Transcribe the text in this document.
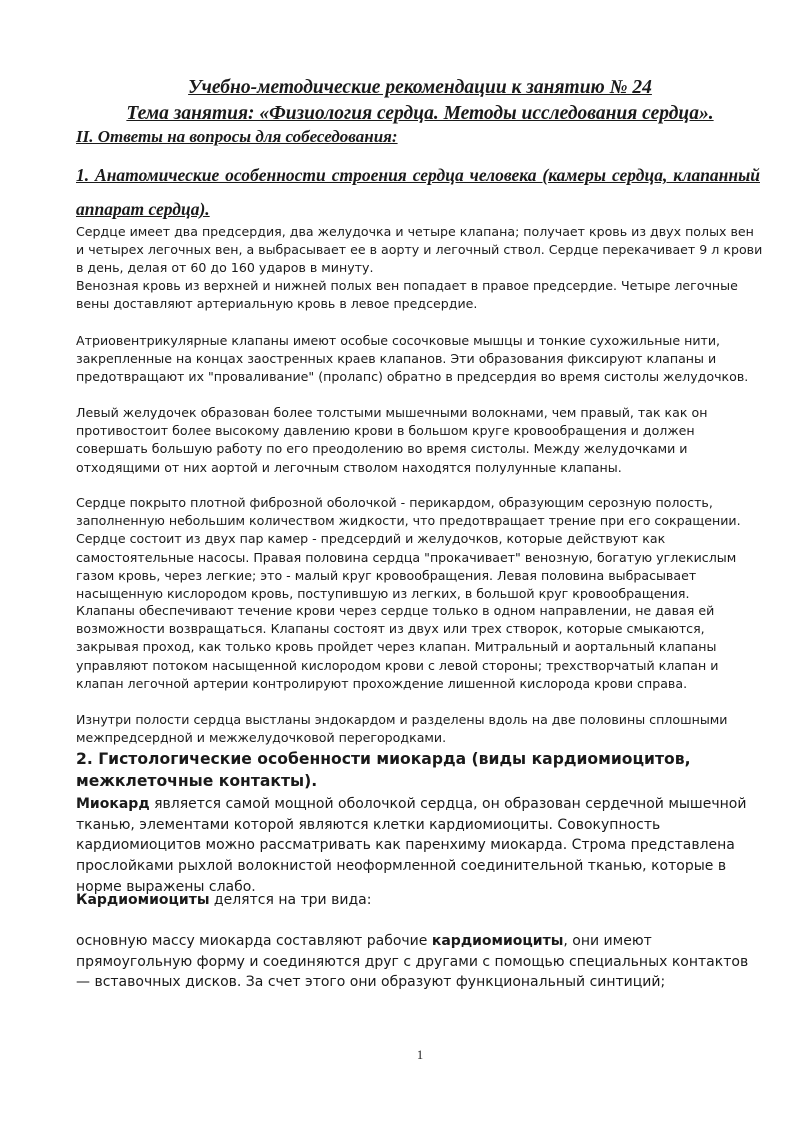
Учебно-методические рекомендации к занятию № 24

Тема занятия: «Физиология сердца. Методы исследования сердца».

II. Ответы на вопросы для собеседования:

1. Анатомические особенности строения сердца человека (камеры сердца, клапанный аппарат сердца).

Сердце имеет два предсердия, два желудочка и четыре клапана; получает кровь из двух полых вен и четырех легочных вен, а выбрасывает ее в аорту и легочный ствол. Сердце перекачивает 9 л крови в день, делая от 60 до 160 ударов в минуту.

Венозная кровь из верхней и нижней полых вен попадает в правое предсердие. Четыре легочные вены доставляют артериальную кровь в левое предсердие.

Атриовентрикулярные клапаны имеют особые сосочковые мышцы и тонкие сухожильные нити, закрепленные на концах заостренных краев клапанов. Эти образования фиксируют клапаны и предотвращают их "проваливание" (пролапс) обратно в предсердия во время систолы желудочков.

Левый желудочек образован более толстыми мышечными волокнами, чем правый, так как он противостоит более высокому давлению крови в большом круге кровообращения и должен совершать большую работу по его преодолению во время систолы. Между желудочками и отходящими от них аортой и легочным стволом находятся полулунные клапаны.

Сердце покрыто плотной фиброзной оболочкой - перикардом, образующим серозную полость, заполненную небольшим количеством жидкости, что предотвращает трение при его сокращении. Сердце состоит из двух пар камер - предсердий и желудочков, которые действуют как самостоятельные насосы. Правая половина сердца "прокачивает" венозную, богатую углекислым газом кровь, через легкие; это - малый круг кровообращения. Левая половина выбрасывает насыщенную кислородом кровь, поступившую из легких, в большой круг кровообращения.

Клапаны обеспечивают течение крови через сердце только в одном направлении, не давая ей возможности возвращаться. Клапаны состоят из двух или трех створок, которые смыкаются, закрывая проход, как только кровь пройдет через клапан. Митральный и аортальный клапаны управляют потоком насыщенной кислородом крови с левой стороны; трехстворчатый клапан и клапан легочной артерии контролируют прохождение лишенной кислорода крови справа.

Изнутри полости сердца выстланы эндокардом и разделены вдоль на две половины сплошными межпредсердной и межжелудочковой перегородками.

2. Гистологические особенности миокарда (виды кардиомиоцитов, межклеточные контакты).

Миокард является самой мощной оболочкой сердца, он образован сердечной мышечной тканью, элементами которой являются клетки кардиомиоциты. Совокупность кардиомиоцитов можно рассматривать как паренхиму миокарда. Строма представлена прослойками рыхлой волокнистой неоформленной соединительной тканью, которые в норме выражены слабо.

Кардиомиоциты делятся на три вида:

основную массу миокарда составляют рабочие кардиомиоциты, они имеют прямоугольную форму и соединяются друг с другами с помощью специальных контактов — вставочных дисков. За счет этого они образуют функциональный синтиций;

1
